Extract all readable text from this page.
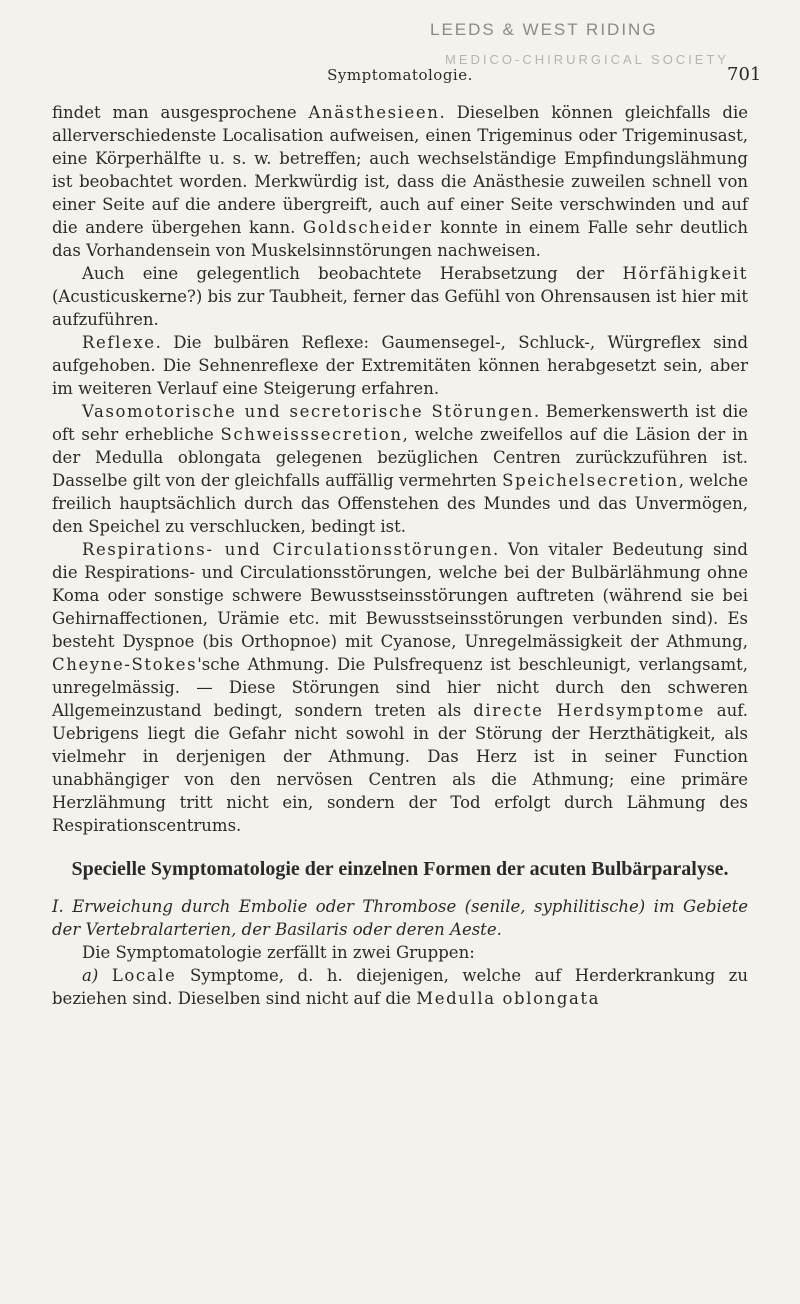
LEEDS & WEST RIDING
MEDICO-CHIRURGICAL SOCIETY
Symptomatologie.	701

findet man ausgesprochene Anästhesieen. Dieselben können gleichfalls die allerverschiedenste Localisation aufweisen, einen Trigeminus oder Trigeminusast, eine Körperhälfte u. s. w. betreffen; auch wechselständige Empfindungslähmung ist beobachtet worden. Merkwürdig ist, dass die Anästhesie zuweilen schnell von einer Seite auf die andere übergreift, auch auf einer Seite verschwinden und auf die andere übergehen kann. Goldscheider konnte in einem Falle sehr deutlich das Vorhandensein von Muskelsinnstörungen nachweisen.

Auch eine gelegentlich beobachtete Herabsetzung der Hörfähigkeit (Acusticuskerne?) bis zur Taubheit, ferner das Gefühl von Ohrensausen ist hier mit aufzuführen.

Reflexe. Die bulbären Reflexe: Gaumensegel-, Schluck-, Würgreflex sind aufgehoben. Die Sehnenreflexe der Extremitäten können herabgesetzt sein, aber im weiteren Verlauf eine Steigerung erfahren.

Vasomotorische und secretorische Störungen. Bemerkenswerth ist die oft sehr erhebliche Schweisssecretion, welche zweifellos auf die Läsion der in der Medulla oblongata gelegenen bezüglichen Centren zurückzuführen ist. Dasselbe gilt von der gleichfalls auffällig vermehrten Speichelsecretion, welche freilich hauptsächlich durch das Offenstehen des Mundes und das Unvermögen, den Speichel zu verschlucken, bedingt ist.

Respirations- und Circulationsstörungen. Von vitaler Bedeutung sind die Respirations- und Circulationsstörungen, welche bei der Bulbärlähmung ohne Koma oder sonstige schwere Bewusstseinsstörungen auftreten (während sie bei Gehirnaffectionen, Urämie etc. mit Bewusstseinsstörungen verbunden sind). Es besteht Dyspnoe (bis Orthopnoe) mit Cyanose, Unregelmässigkeit der Athmung, Cheyne-Stokes'sche Athmung. Die Pulsfrequenz ist beschleunigt, verlangsamt, unregelmässig. — Diese Störungen sind hier nicht durch den schweren Allgemeinzustand bedingt, sondern treten als directe Herdsymptome auf. Uebrigens liegt die Gefahr nicht sowohl in der Störung der Herzthätigkeit, als vielmehr in derjenigen der Athmung. Das Herz ist in seiner Function unabhängiger von den nervösen Centren als die Athmung; eine primäre Herzlähmung tritt nicht ein, sondern der Tod erfolgt durch Lähmung des Respirationscentrums.

Specielle Symptomatologie der einzelnen Formen der acuten Bulbärparalyse.

I. Erweichung durch Embolie oder Thrombose (senile, syphilitische) im Gebiete der Vertebralarterien, der Basilaris oder deren Aeste.

Die Symptomatologie zerfällt in zwei Gruppen:

a) Locale Symptome, d. h. diejenigen, welche auf Herderkrankung zu beziehen sind. Dieselben sind nicht auf die Medulla oblongata
